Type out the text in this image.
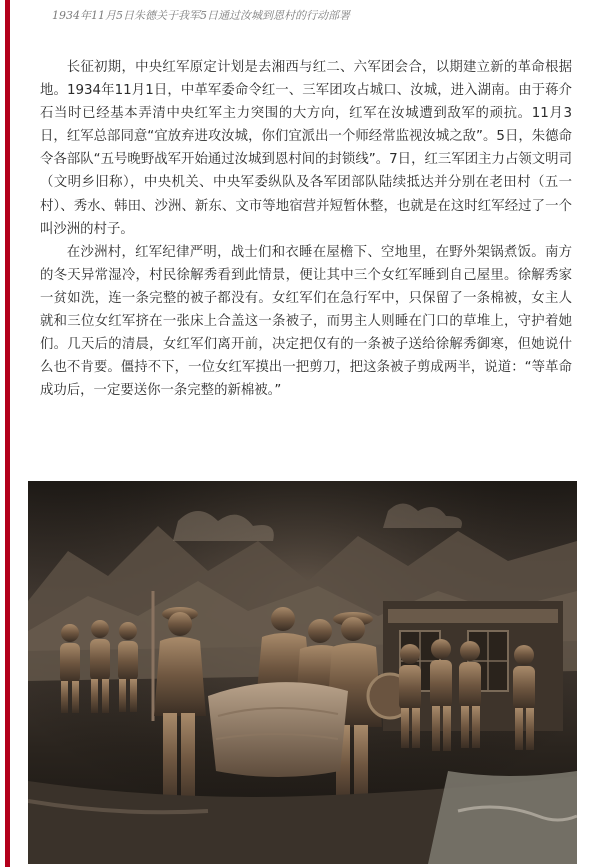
1934年11月5日朱德关于我军5日通过汝城到恩村的行动部署

长征初期，中央红军原定计划是去湘西与红二、六军团会合，以期建立新的革命根据地。1934年11月1日，中革军委命令红一、三军团攻占城口、汝城，进入湖南。由于蒋介石当时已经基本弄清中央红军主力突围的大方向，红军在汝城遭到敌军的顽抗。11月3日，红军总部同意“宜放弃进攻汝城，你们宜派出一个师经常监视汝城之敌”。5日，朱德命令各部队“五号晚野战军开始通过汝城到恩村间的封锁线”。7日，红三军团主力占领文明司（文明乡旧称），中央机关、中央军委纵队及各军团部队陆续抵达并分别在老田村（五一村）、秀水、韩田、沙洲、新东、文市等地宿营并短暂休整，也就是在这时红军经过了一个叫沙洲的村子。

在沙洲村，红军纪律严明，战士们和衣睡在屋檐下、空地里，在野外架锅煮饭。南方的冬天异常湿冷，村民徐解秀看到此情景，便让其中三个女红军睡到自己屋里。徐解秀家一贫如洗，连一条完整的被子都没有。女红军们在急行军中，只保留了一条棉被，女主人就和三位女红军挤在一张床上合盖这一条被子，而男主人则睡在门口的草堆上，守护着她们。几天后的清晨，女红军们离开前，决定把仅有的一条被子送给徐解秀御寒，但她说什么也不肯要。僵持不下，一位女红军摸出一把剪刀，把这条被子剪成两半，说道：“等革命成功后，一定要送你一条完整的新棉被。”
